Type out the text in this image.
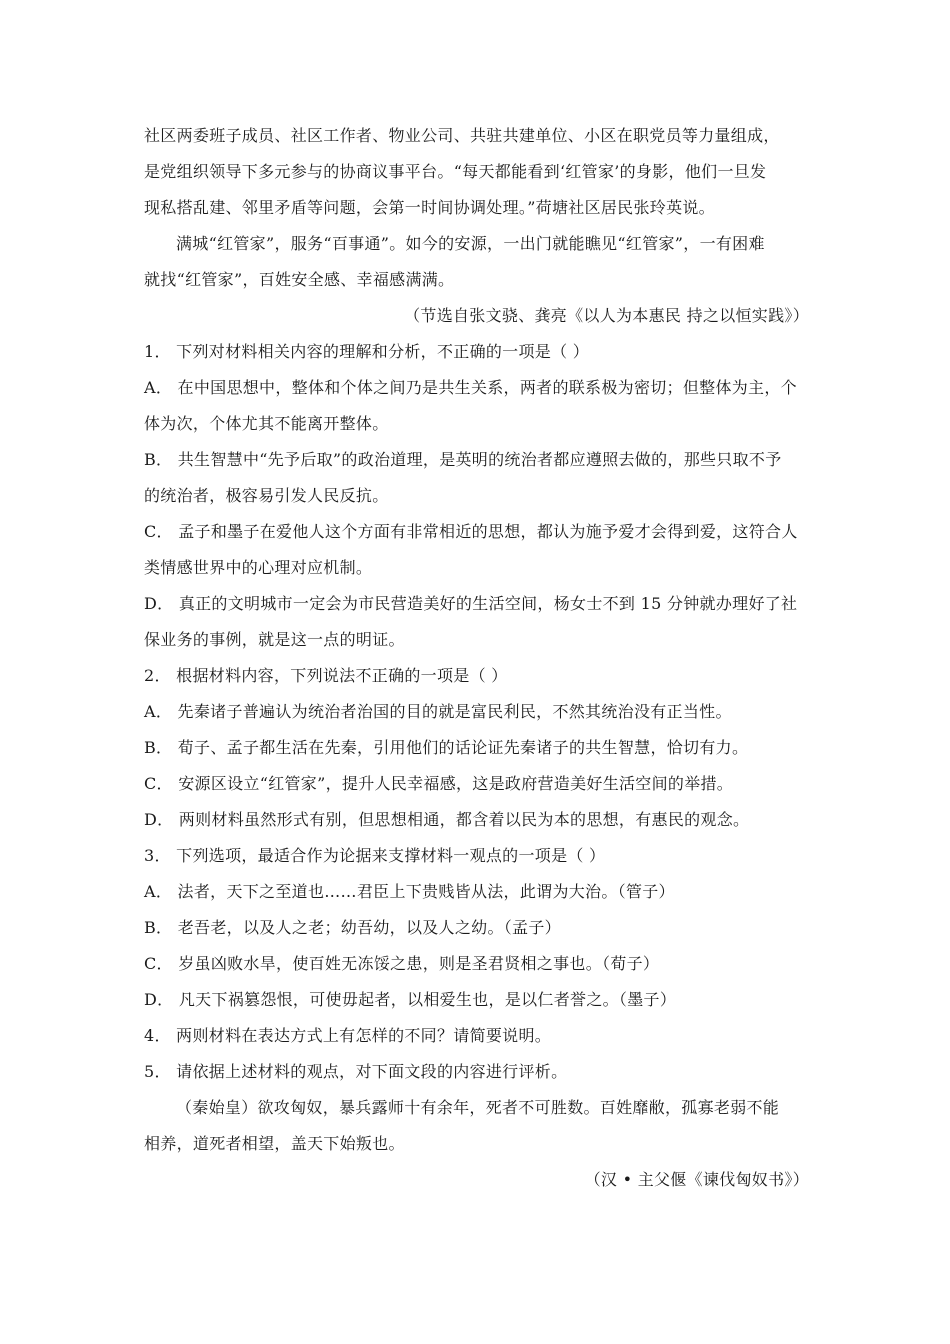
社区两委班子成员、社区工作者、物业公司、共驻共建单位、小区在职党员等力量组成，
是党组织领导下多元参与的协商议事平台。“每天都能看到‘红管家’的身影，他们一旦发
现私搭乱建、邻里矛盾等问题，会第一时间协调处理。”荷塘社区居民张玲英说。
满城“红管家”，服务“百事通”。如今的安源，一出门就能瞧见“红管家”，一有困难
就找“红管家”，百姓安全感、幸福感满满。
（节选自张文骁、龚亮《以人为本惠民 持之以恒实践》）
1． 下列对材料相关内容的理解和分析，不正确的一项是（ ）
A． 在中国思想中，整体和个体之间乃是共生关系，两者的联系极为密切；但整体为主，个
体为次，个体尤其不能离开整体。
B． 共生智慧中“先予后取”的政治道理，是英明的统治者都应遵照去做的，那些只取不予
的统治者，极容易引发人民反抗。
C． 孟子和墨子在爱他人这个方面有非常相近的思想，都认为施予爱才会得到爱，这符合人
类情感世界中的心理对应机制。
D． 真正的文明城市一定会为市民营造美好的生活空间，杨女士不到 15 分钟就办理好了社
保业务的事例，就是这一点的明证。
2． 根据材料内容，下列说法不正确的一项是（ ）
A． 先秦诸子普遍认为统治者治国的目的就是富民利民，不然其统治没有正当性。
B． 荀子、孟子都生活在先秦，引用他们的话论证先秦诸子的共生智慧，恰切有力。
C． 安源区设立“红管家”，提升人民幸福感，这是政府营造美好生活空间的举措。
D． 两则材料虽然形式有别，但思想相通，都含着以民为本的思想，有惠民的观念。
3． 下列选项，最适合作为论据来支撑材料一观点的一项是（ ）
A． 法者，天下之至道也……君臣上下贵贱皆从法，此谓为大治。（管子）
B． 老吾老，以及人之老；幼吾幼，以及人之幼。（孟子）
C． 岁虽凶败水旱，使百姓无冻馁之患，则是圣君贤相之事也。（荀子）
D． 凡天下祸篡怨恨，可使毋起者，以相爱生也，是以仁者誉之。（墨子）
4． 两则材料在表达方式上有怎样的不同？请简要说明。
5． 请依据上述材料的观点，对下面文段的内容进行评析。
（秦始皇）欲攻匈奴，暴兵露师十有余年，死者不可胜数。百姓靡敝，孤寡老弱不能
相养，道死者相望，盖天下始叛也。
（汉 • 主父偃《谏伐匈奴书》）
